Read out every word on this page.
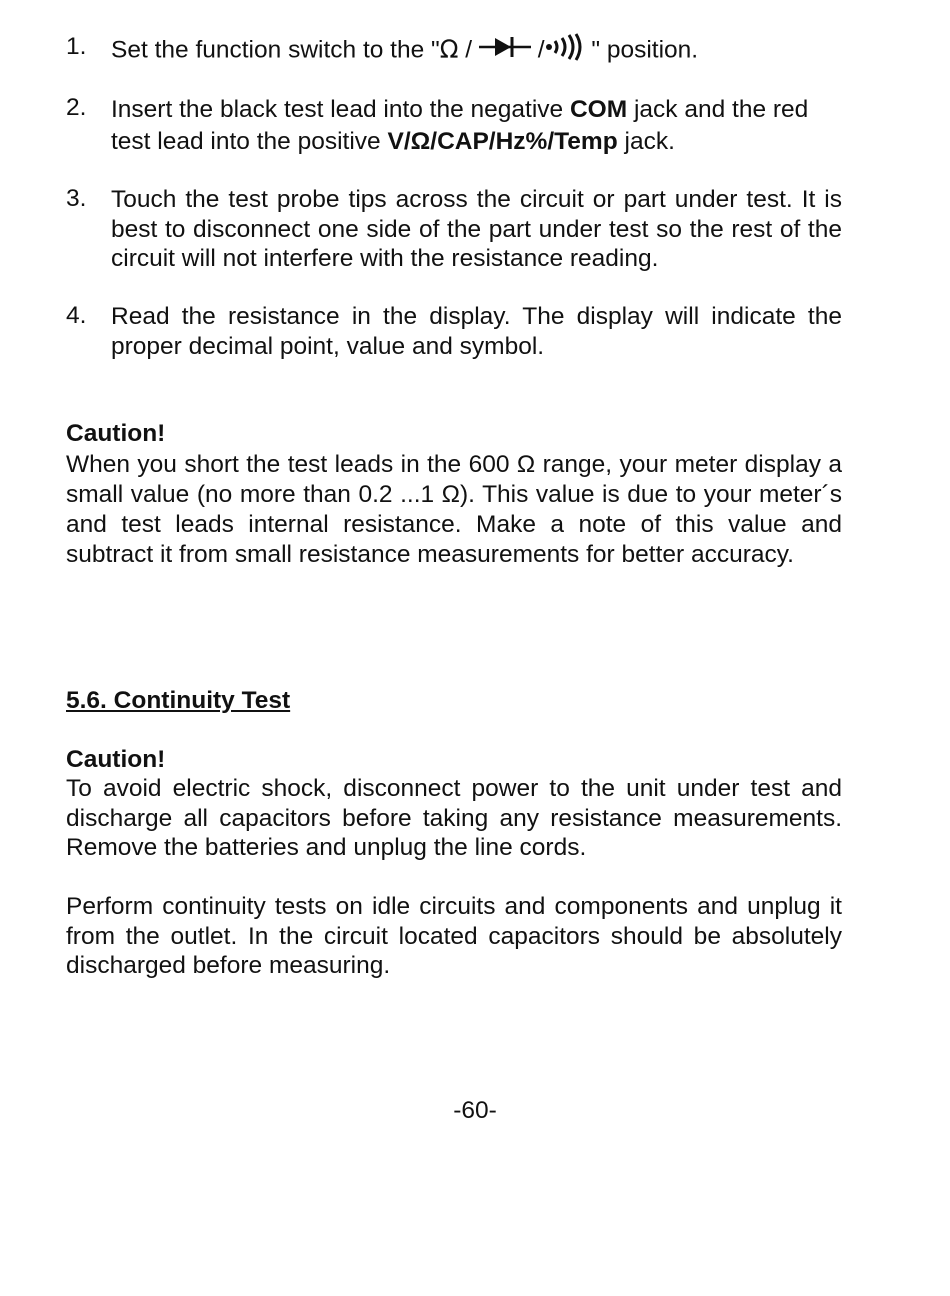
1.	Set the function switch to the "Ω /  / " position.
2.	Insert the black test lead into the negative COM jack and the red test lead into the positive V/Ω/CAP/Hz%/Temp jack.
3.	Touch the test probe tips across the circuit or part under test. It is best to disconnect one side of the part under test so the rest of the circuit will not interfere with the resistance reading.
4.	Read the resistance in the display. The display will indicate the proper decimal point, value and symbol.
Caution!
When you short the test leads in the 600 Ω range, your meter display a small value (no more than 0.2 ...1 Ω). This value is due to your meter´s and test leads internal resistance. Make a note of this value and subtract it from small resistance measurements for better accuracy.
5.6. Continuity Test
Caution!
To avoid electric shock, disconnect power to the unit under test and discharge all capacitors before taking any resistance measurements. Remove the batteries and unplug the line cords.
Perform continuity tests on idle circuits and components and unplug it from the outlet. In the circuit located capacitors should be absolutely discharged before measuring.
-60-
